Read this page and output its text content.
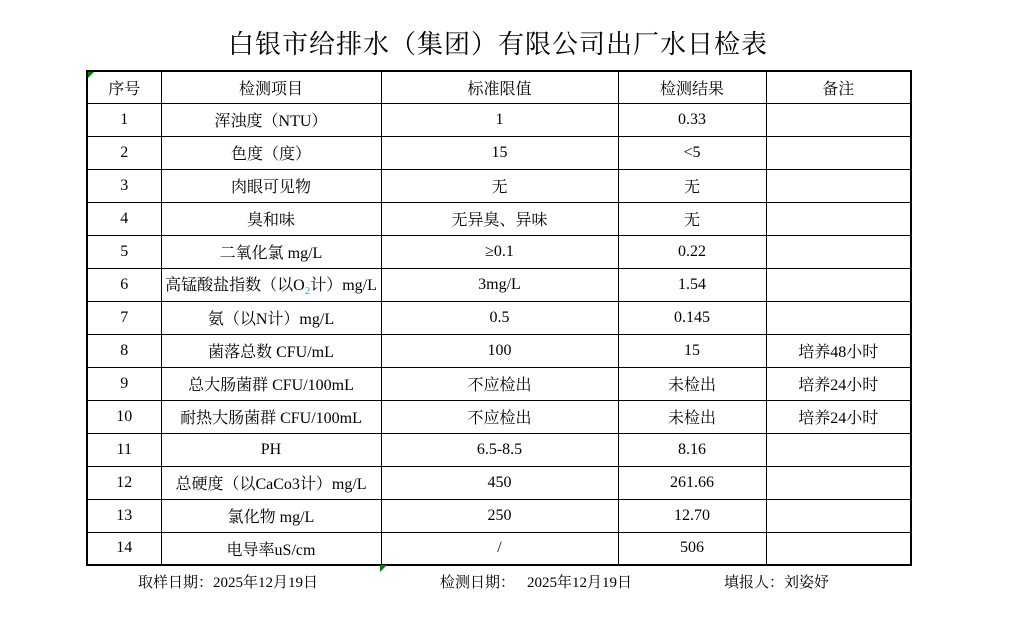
白银市给排水（集团）有限公司出厂水日检表
序号	检测项目	标准限值	检测结果	备注
1	浑浊度（NTU）	1	0.33	
2	色度（度）	15	<5	
3	肉眼可见物	无	无	
4	臭和味	无异臭、异味	无	
5	二氧化氯 mg/L	≥0.1	0.22	
6	高锰酸盐指数（以$O_2$计）mg/L	3mg/L	1.54	
7	氨（以N计）mg/L	0.5	0.145	
8	菌落总数 CFU/mL	100	15	培养48小时
9	总大肠菌群 CFU/100mL	不应检出	未检出	培养24小时
10	耐热大肠菌群 CFU/100mL	不应检出	未检出	培养24小时
11	PH	6.5-8.5	8.16	
12	总硬度（以CaCo3计）mg/L	450	261.66	
13	氯化物 mg/L	250	12.70	
14	电导率uS/cm	/	506	
取样日期：2025年12月19日	检测日期： 2025年12月19日	填报人：刘姿妤
